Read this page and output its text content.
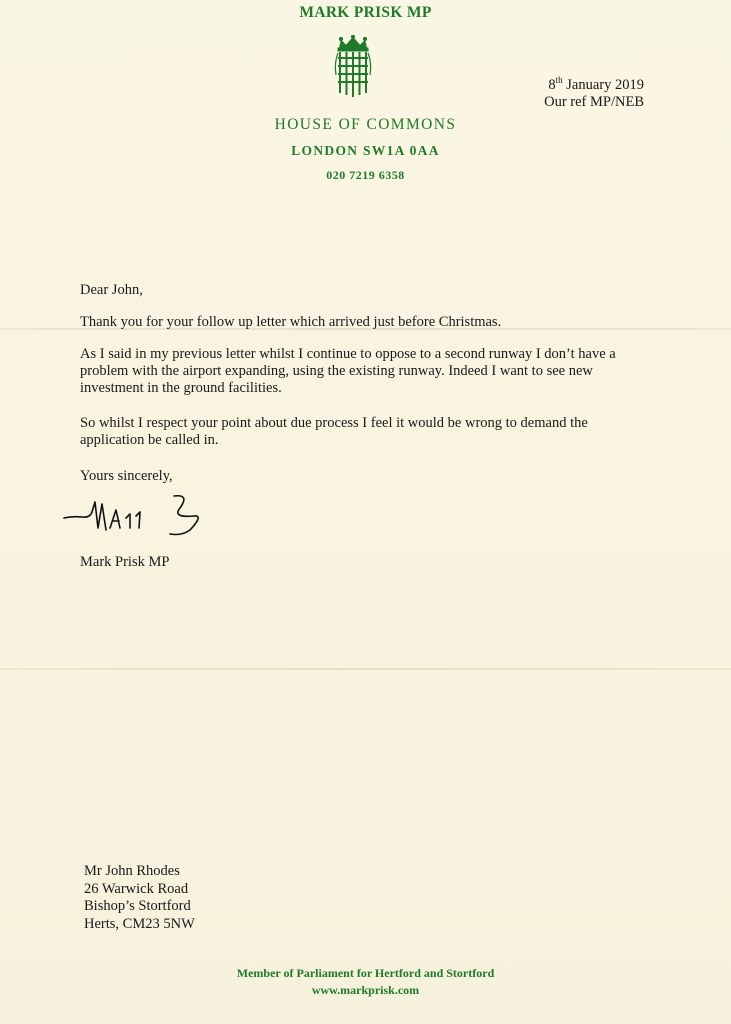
MARK PRISK MP
HOUSE OF COMMONS
LONDON SW1A 0AA
020 7219 6358
8th January 2019
Our ref MP/NEB
Dear John,
Thank you for your follow up letter which arrived just before Christmas.
As I said in my previous letter whilst I continue to oppose to a second runway I don’t have a problem with the airport expanding, using the existing runway. Indeed I want to see new investment in the ground facilities.
So whilst I respect your point about due process I feel it would be wrong to demand the application be called in.
Yours sincerely,
Mark Prisk MP
Mr John Rhodes
26 Warwick Road
Bishop’s Stortford
Herts, CM23 5NW
Member of Parliament for Hertford and Stortford
www.markprisk.com
